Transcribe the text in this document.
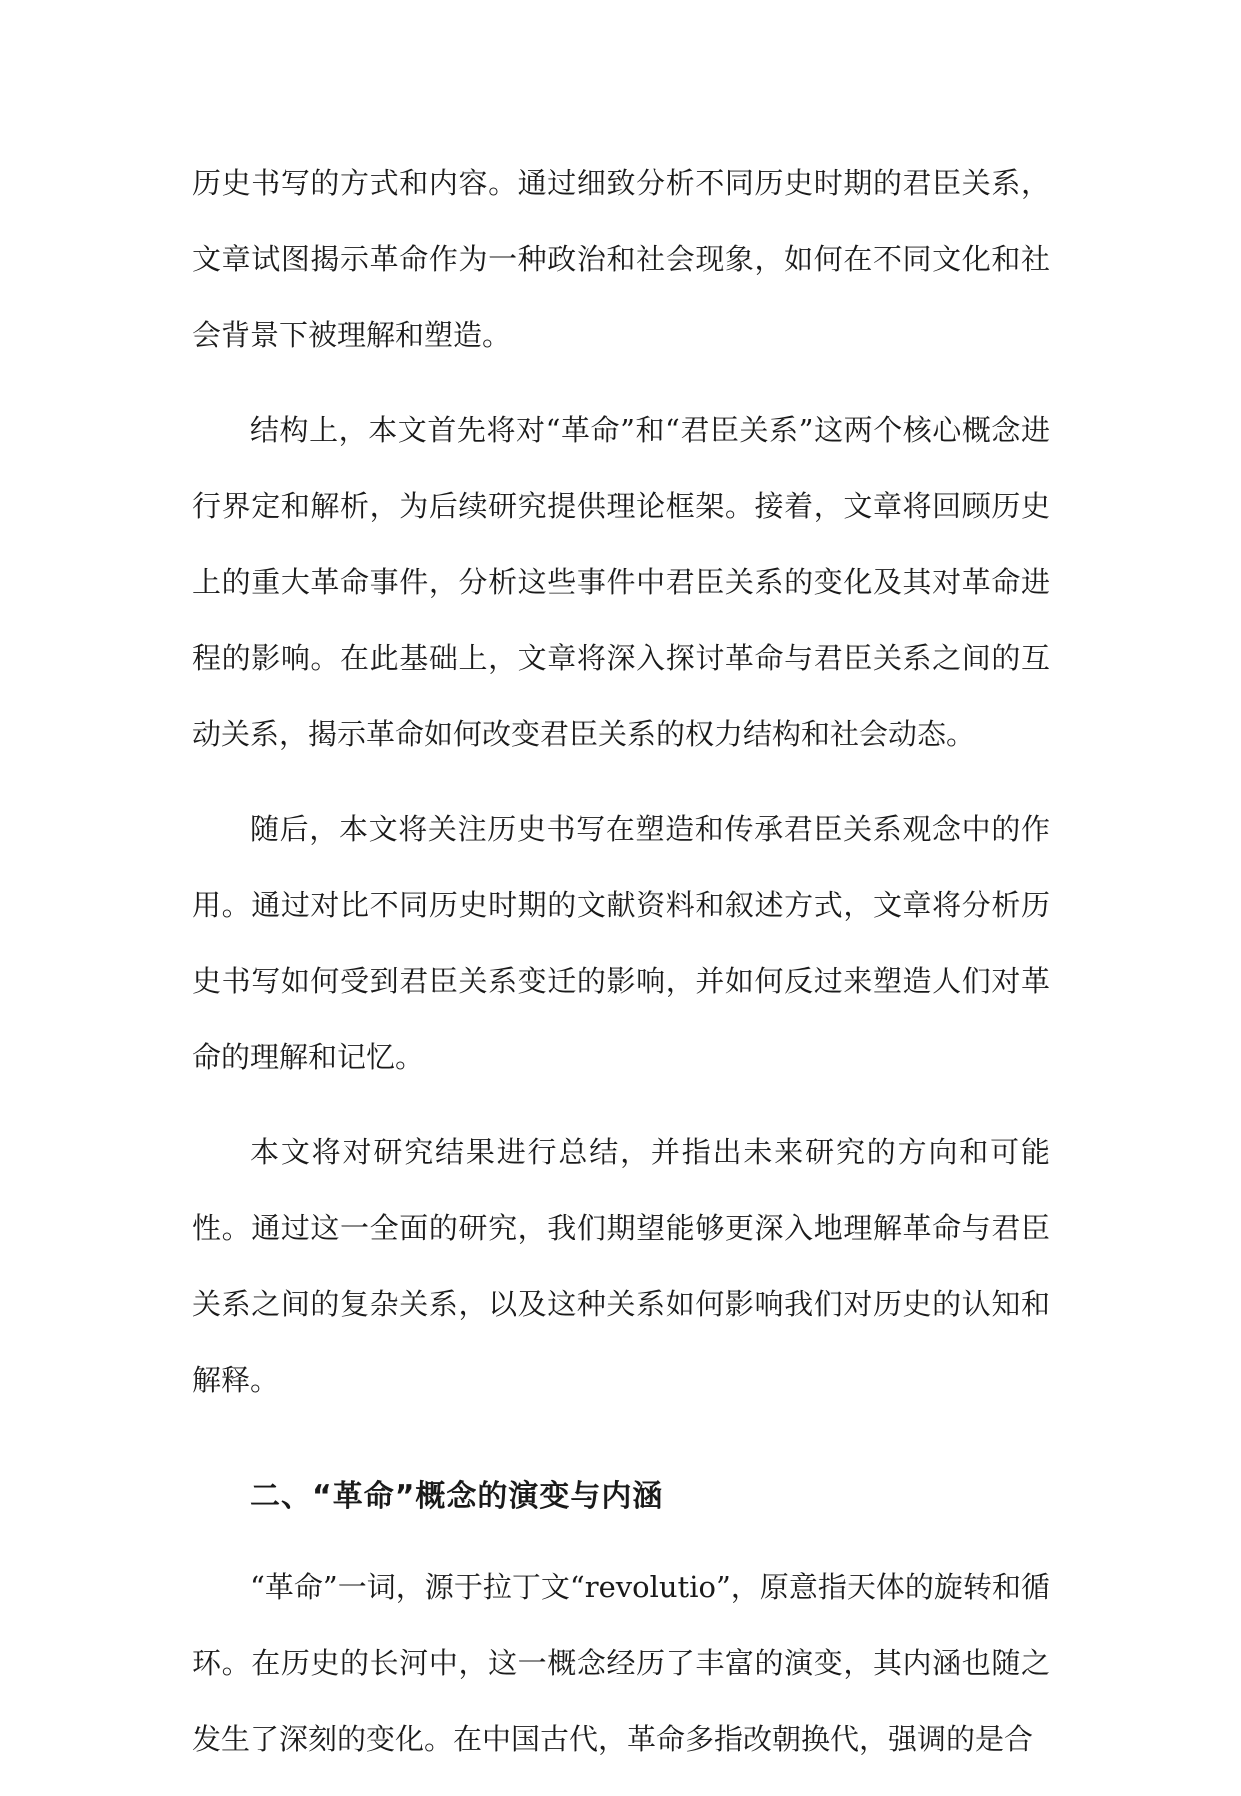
历史书写的方式和内容。通过细致分析不同历史时期的君臣关系，文章试图揭示革命作为一种政治和社会现象，如何在不同文化和社会背景下被理解和塑造。

结构上，本文首先将对“革命”和“君臣关系”这两个核心概念进行界定和解析，为后续研究提供理论框架。接着，文章将回顾历史上的重大革命事件，分析这些事件中君臣关系的变化及其对革命进程的影响。在此基础上，文章将深入探讨革命与君臣关系之间的互动关系，揭示革命如何改变君臣关系的权力结构和社会动态。

随后，本文将关注历史书写在塑造和传承君臣关系观念中的作用。通过对比不同历史时期的文献资料和叙述方式，文章将分析历史书写如何受到君臣关系变迁的影响，并如何反过来塑造人们对革命的理解和记忆。

本文将对研究结果进行总结，并指出未来研究的方向和可能性。通过这一全面的研究，我们期望能够更深入地理解革命与君臣关系之间的复杂关系，以及这种关系如何影响我们对历史的认知和解释。

二、“革命”概念的演变与内涵

“革命”一词，源于拉丁文“revolutio”，原意指天体的旋转和循环。在历史的长河中，这一概念经历了丰富的演变，其内涵也随之发生了深刻的变化。在中国古代，革命多指改朝换代，强调的是合
